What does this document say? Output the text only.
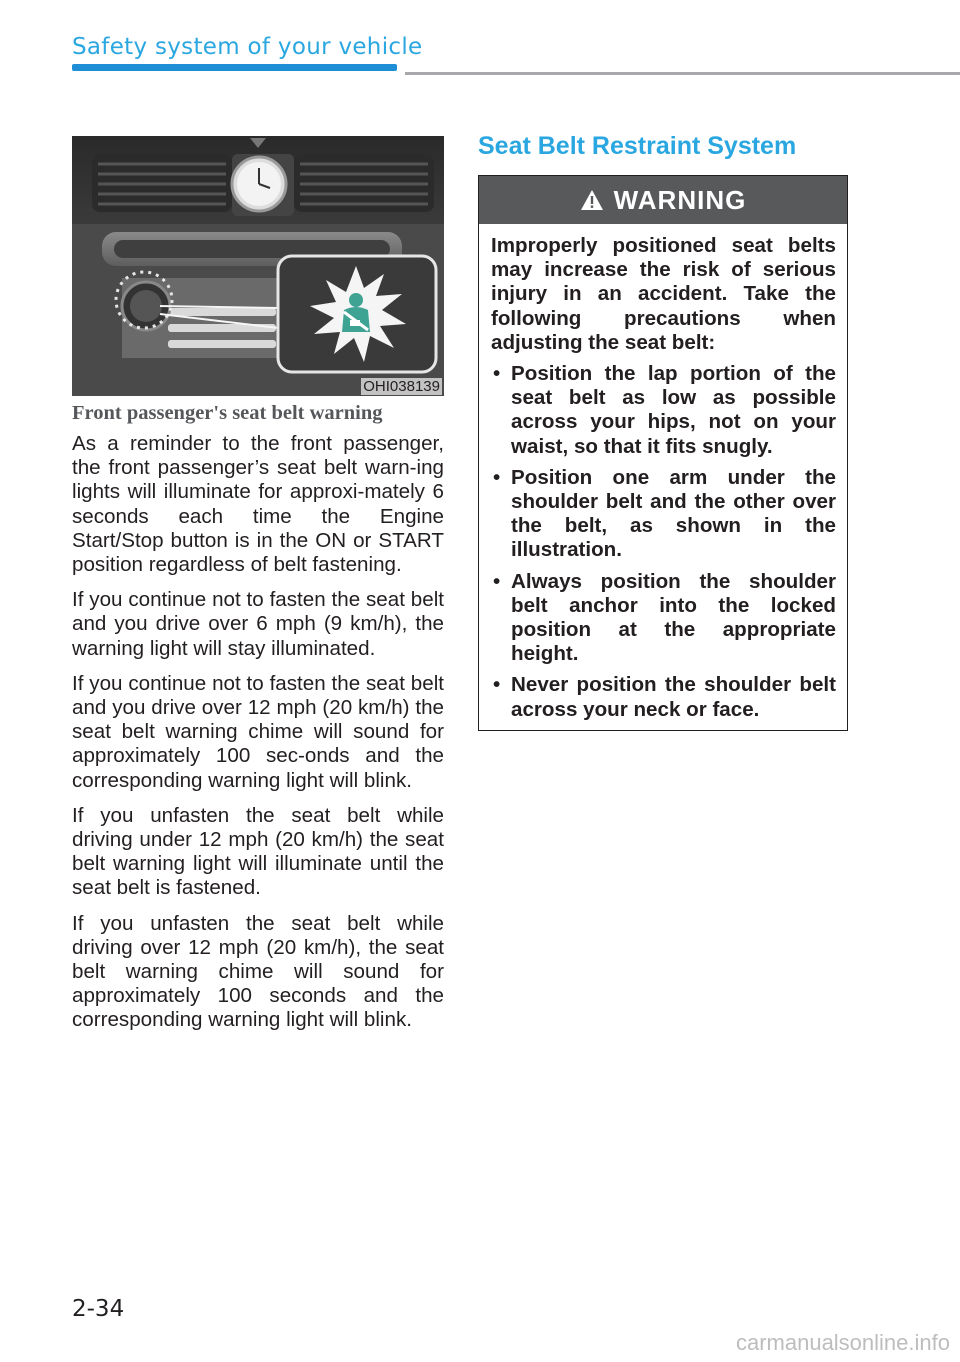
Safety system of your vehicle
OHI038139
Front passenger's seat belt warning

As a reminder to the front passenger, the front passenger’s seat belt warn-ing lights will illuminate for approxi-mately 6 seconds each time the Engine Start/Stop button is in the ON or START position regardless of belt fastening.

If you continue not to fasten the seat belt and you drive over 6 mph (9 km/h), the warning light will stay illuminated.

If you continue not to fasten the seat belt and you drive over 12 mph (20 km/h) the seat belt warning chime will sound for approximately 100 sec-onds and the corresponding warning light will blink.

If you unfasten the seat belt while driving under 12 mph (20 km/h) the seat belt warning light will illuminate until the seat belt is fastened.

If you unfasten the seat belt while driving over 12 mph (20 km/h), the seat belt warning chime will sound for approximately 100 seconds and the corresponding warning light will blink.

Seat Belt Restraint System
WARNING

Improperly positioned seat belts may increase the risk of serious injury in an accident. Take the following precautions when adjusting the seat belt:

• Position the lap portion of the seat belt as low as possible across your hips, not on your waist, so that it fits snugly.
• Position one arm under the shoulder belt and the other over the belt, as shown in the illustration.
• Always position the shoulder belt anchor into the locked position at the appropriate height.
• Never position the shoulder belt across your neck or face.
2-34
carmanualsonline.info
